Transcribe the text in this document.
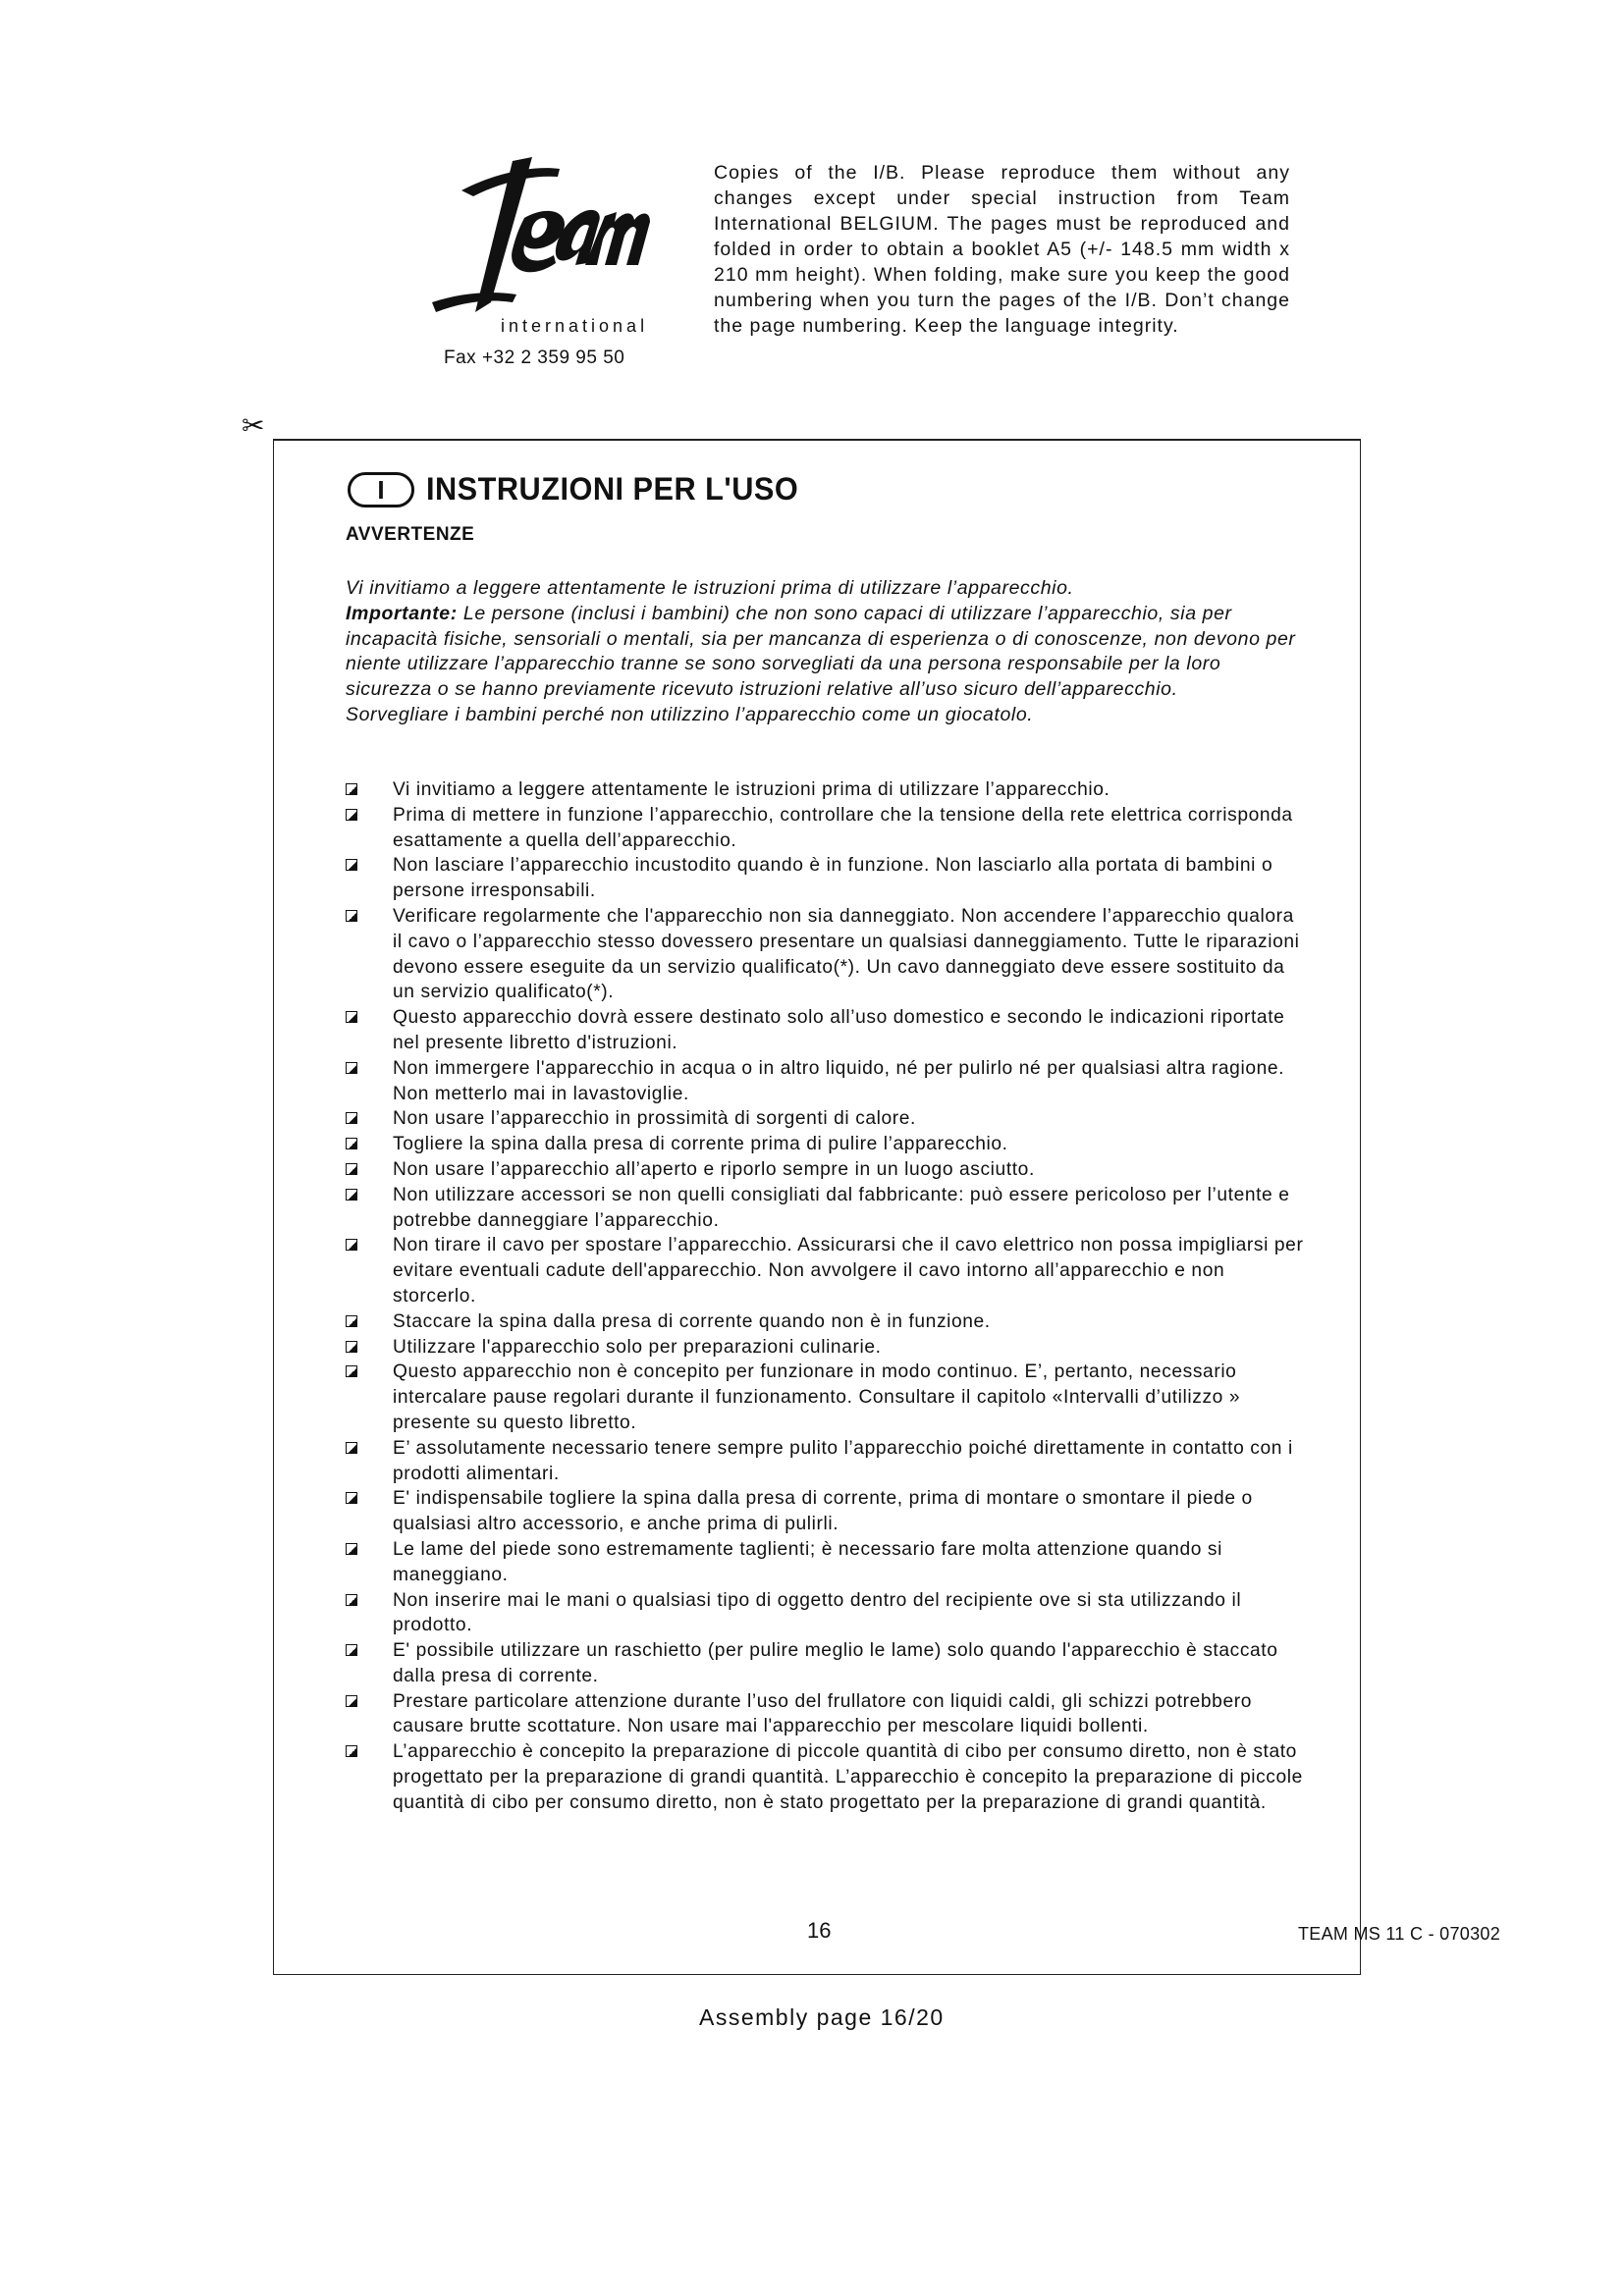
international
Fax +32 2 359 95 50
Copies of the I/B. Please reproduce them without any changes except under special instruction from Team International BELGIUM. The pages must be reproduced and folded in order to obtain a booklet A5 (+/- 148.5 mm width x 210 mm height). When folding, make sure you keep the good numbering when you turn the pages of the I/B. Don’t change the page numbering. Keep the language integrity.
✂
I	INSTRUZIONI PER L'USO
AVVERTENZE

Vi invitiamo a leggere attentamente le istruzioni prima di utilizzare l’apparecchio.

Importante: Le persone (inclusi i bambini) che non sono capaci di utilizzare l’apparecchio, sia per incapacità fisiche, sensoriali o mentali, sia per mancanza di esperienza o di conoscenze, non devono per niente utilizzare l’apparecchio tranne se sono sorvegliati da una persona responsabile per la loro sicurezza o se hanno previamente ricevuto istruzioni relative all’uso sicuro dell’apparecchio.

Sorvegliare i bambini perché non utilizzino l’apparecchio come un giocatolo.

Vi invitiamo a leggere attentamente le istruzioni prima di utilizzare l’apparecchio.
Prima di mettere in funzione l’apparecchio, controllare che la tensione della rete elettrica corrisponda esattamente a quella dell’apparecchio.
Non lasciare l’apparecchio incustodito quando è in funzione. Non lasciarlo alla portata di bambini o persone irresponsabili.
Verificare regolarmente che l'apparecchio non sia danneggiato. Non accendere l’apparecchio qualora il cavo o l’apparecchio stesso dovessero presentare un qualsiasi danneggiamento. Tutte le riparazioni devono essere eseguite da un servizio qualificato(*). Un cavo danneggiato deve essere sostituito da un servizio qualificato(*).
Questo apparecchio dovrà essere destinato solo all’uso domestico e secondo le indicazioni riportate nel presente libretto d'istruzioni.
Non immergere l'apparecchio in acqua o in altro liquido, né per pulirlo né per qualsiasi altra ragione. Non metterlo mai in lavastoviglie.
Non usare l’apparecchio in prossimità di sorgenti di calore.
Togliere la spina dalla presa di corrente prima di pulire l’apparecchio.
Non usare l’apparecchio all’aperto e riporlo sempre in un luogo asciutto.
Non utilizzare accessori se non quelli consigliati dal fabbricante: può essere pericoloso per l’utente e potrebbe danneggiare l’apparecchio.
Non tirare il cavo per spostare l’apparecchio. Assicurarsi che il cavo elettrico non possa impigliarsi per evitare eventuali cadute dell'apparecchio. Non avvolgere il cavo intorno all’apparecchio e non storcerlo.
Staccare la spina dalla presa di corrente quando non è in funzione.
Utilizzare l'apparecchio solo per preparazioni culinarie.
Questo apparecchio non è concepito per funzionare in modo continuo. E’, pertanto, necessario intercalare pause regolari durante il funzionamento. Consultare il capitolo «Intervalli d’utilizzo » presente su questo libretto.
E’ assolutamente necessario tenere sempre pulito l’apparecchio poiché direttamente in contatto con i prodotti alimentari.
E' indispensabile togliere la spina dalla presa di corrente, prima di montare o smontare il piede o qualsiasi altro accessorio, e anche prima di pulirli.
Le lame del piede sono estremamente taglienti; è necessario fare molta attenzione quando si maneggiano.
Non inserire mai le mani o qualsiasi tipo di oggetto dentro del recipiente ove si sta utilizzando il prodotto.
E' possibile utilizzare un raschietto (per pulire meglio le lame) solo quando l'apparecchio è staccato dalla presa di corrente.
Prestare particolare attenzione durante l’uso del frullatore con liquidi caldi, gli schizzi potrebbero causare brutte scottature. Non usare mai l'apparecchio per mescolare liquidi bollenti.
L’apparecchio è concepito la preparazione di piccole quantità di cibo per consumo diretto, non è stato progettato per la preparazione di grandi quantità. L’apparecchio è concepito la preparazione di piccole quantità di cibo per consumo diretto, non è stato progettato per la preparazione di grandi quantità.
16	TEAM MS 11 C - 070302
Assembly page 16/20
